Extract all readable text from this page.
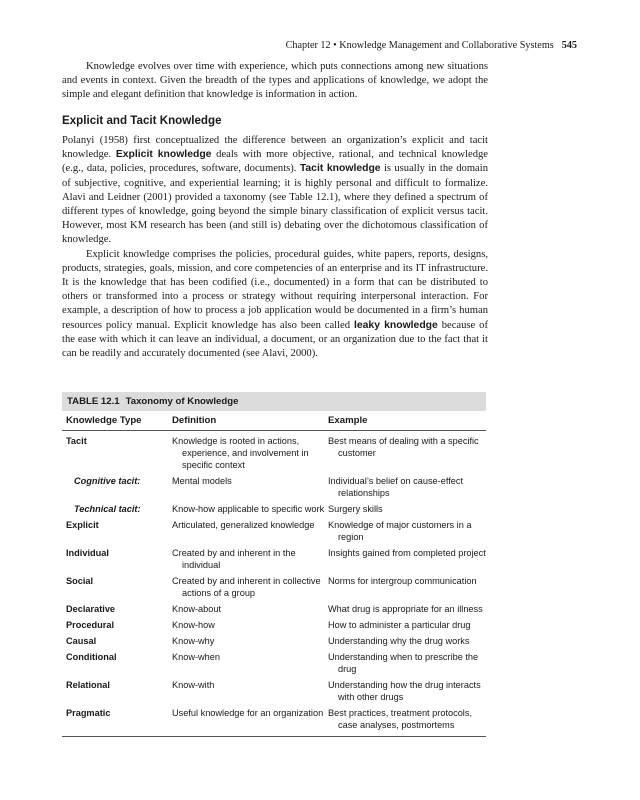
Chapter 12 • Knowledge Management and Collaborative Systems 545

Knowledge evolves over time with experience, which puts connections among new situations and events in context. Given the breadth of the types and applications of knowledge, we adopt the simple and elegant definition that knowledge is information in action.

Explicit and Tacit Knowledge

Polanyi (1958) first conceptualized the difference between an organization’s explicit and tacit knowledge. Explicit knowledge deals with more objective, rational, and technical knowledge (e.g., data, policies, procedures, software, documents). Tacit knowledge is usually in the domain of subjective, cognitive, and experiential learning; it is highly personal and difficult to formalize. Alavi and Leidner (2001) provided a taxonomy (see Table 12.1), where they defined a spectrum of different types of knowledge, going beyond the simple binary classification of explicit versus tacit. However, most KM research has been (and still is) debating over the dichotomous classification of knowledge.

Explicit knowledge comprises the policies, procedural guides, white papers, reports, designs, products, strategies, goals, mission, and core competencies of an enterprise and its IT infrastructure. It is the knowledge that has been codified (i.e., documented) in a form that can be distributed to others or transformed into a process or strategy without requiring interpersonal interaction. For example, a description of how to process a job application would be documented in a firm’s human resources policy manual. Explicit knowledge has also been called leaky knowledge because of the ease with which it can leave an individual, a document, or an organization due to the fact that it can be readily and accurately documented (see Alavi, 2000).

TABLE 12.1 Taxonomy of Knowledge
Knowledge Type	Definition	Example
Tacit	Knowledge is rooted in actions, experience, and involvement in specific context	Best means of dealing with a specific customer

Cognitive tacit:	Mental models	Individual’s belief on cause-effect relationships

Technical tacit:	Know-how applicable to specific work	Surgery skills

Explicit	Articulated, generalized knowledge	Knowledge of major customers in a region

Individual	Created by and inherent in the individual	Insights gained from completed project

Social	Created by and inherent in collective actions of a group	Norms for intergroup communication

Declarative	Know-about	What drug is appropriate for an illness

Procedural	Know-how	How to administer a particular drug

Causal	Know-why	Understanding why the drug works

Conditional	Know-when	Understanding when to prescribe the drug

Relational	Know-with	Understanding how the drug interacts with other drugs

Pragmatic	Useful knowledge for an organization	Best practices, treatment protocols, case analyses, postmortems
